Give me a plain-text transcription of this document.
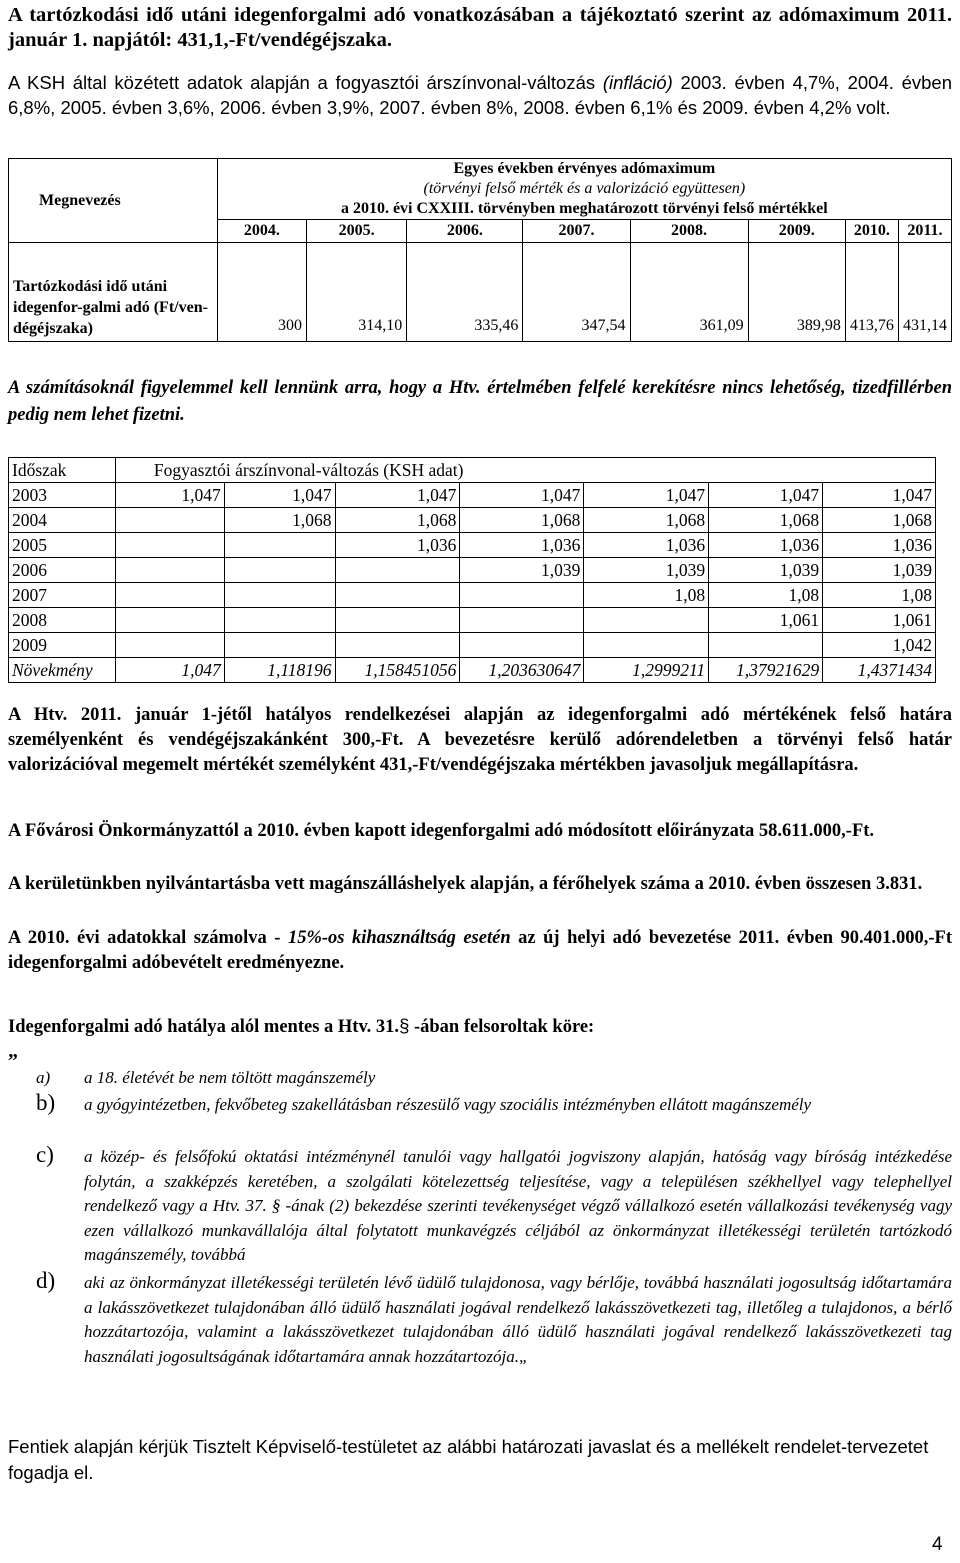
A tartózkodási idő utáni idegenforgalmi adó vonatkozásában a tájékoztató szerint az adómaximum 2011. január 1. napjától: 431,1,-Ft/vendégéjszaka.
A KSH által közétett adatok alapján a fogyasztói árszínvonal-változás (infláció) 2003. évben 4,7%, 2004. évben 6,8%, 2005. évben 3,6%, 2006. évben 3,9%, 2007. évben 8%, 2008. évben 6,1% és 2009. évben 4,2% volt.
Megnevezés	Egyes években érvényes adómaximum
(törvényi felső mérték és a valorizáció együttesen)
a 2010. évi CXXIII. törvényben meghatározott törvényi felső mértékkel							

	2004.	2005.	2006.	2007.	2008.	2009.	2010.	2011.
Tartózkodási idő utáni idegenfor-galmi adó (Ft/ven-dégéjszaka)	300	314,10	335,46	347,54	361,09	389,98	413,76	431,14
A számításoknál figyelemmel kell lennünk arra, hogy a Htv. értelmében felfelé kerekítésre nincs lehetőség, tizedfillérben pedig nem lehet fizetni.
Időszak	Fogyasztói árszínvonal-változás (KSH adat)						
2003	1,047	1,047	1,047	1,047	1,047	1,047	1,047
2004		1,068	1,068	1,068	1,068	1,068	1,068
2005			1,036	1,036	1,036	1,036	1,036
2006				1,039	1,039	1,039	1,039
2007					1,08	1,08	1,08
2008						1,061	1,061
2009							1,042
Növekmény	1,047	1,118196	1,158451056	1,203630647	1,2999211	1,37921629	1,4371434
A Htv. 2011. január 1-jétől hatályos rendelkezései alapján az idegenforgalmi adó mértékének felső határa személyenként és vendégéjszakánként 300,-Ft. A bevezetésre kerülő adórendeletben a törvényi felső határ valorizációval megemelt mértékét személyként 431,-Ft/vendégéjszaka mértékben javasoljuk megállapításra.
A Fővárosi Önkormányzattól a 2010. évben kapott idegenforgalmi adó módosított előirányzata 58.611.000,-Ft.
A kerületünkben nyilvántartásba vett magánszálláshelyek alapján, a férőhelyek száma a 2010. évben összesen 3.831.
A 2010. évi adatokkal számolva - 15%-os kihasználtság esetén az új helyi adó bevezetése 2011. évben 90.401.000,-Ft idegenforgalmi adóbevételt eredményezne.
Idegenforgalmi adó hatálya alól mentes a Htv. 31.§ -ában felsoroltak köre:
„
a) a 18. életévét be nem töltött magánszemély
b) a gyógyintézetben, fekvőbeteg szakellátásban részesülő vagy szociális intézményben ellátott magánszemély
c) a közép- és felsőfokú oktatási intézménynél tanulói vagy hallgatói jogviszony alapján, hatóság vagy bíróság intézkedése folytán, a szakképzés keretében, a szolgálati kötelezettség teljesítése, vagy a településen székhellyel vagy telephellyel rendelkező vagy a Htv. 37. § -ának (2) bekezdése szerinti tevékenységet végző vállalkozó esetén vállalkozási tevékenység vagy ezen vállalkozó munkavállalója által folytatott munkavégzés céljából az önkormányzat illetékességi területén tartózkodó magánszemély, továbbá
d) aki az önkormányzat illetékességi területén lévő üdülő tulajdonosa, vagy bérlője, továbbá használati jogosultság időtartamára a lakásszövetkezet tulajdonában álló üdülő használati jogával rendelkező lakásszövetkezeti tag, illetőleg a tulajdonos, a bérlő hozzátartozója, valamint a lakásszövetkezet tulajdonában álló üdülő használati jogával rendelkező lakásszövetkezeti tag használati jogosultságának időtartamára annak hozzátartozója.„
Fentiek alapján kérjük Tisztelt Képviselő-testületet az alábbi határozati javaslat és a mellékelt rendelet-tervezetet fogadja el.
4
